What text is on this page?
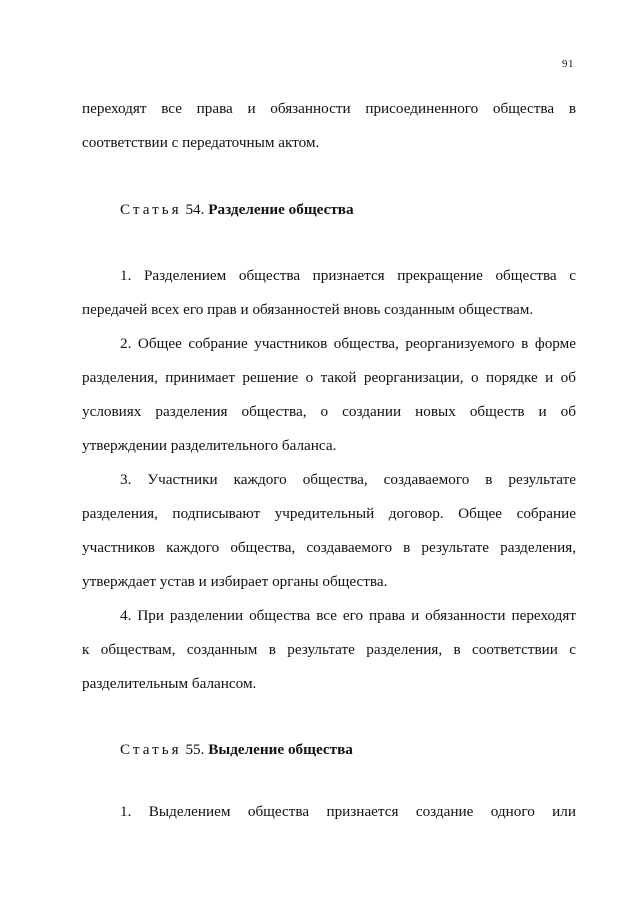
91
переходят все права и обязанности присоединенного общества в
соответствии с передаточным актом.
Статья 54. Разделение общества
1. Разделением общества признается прекращение общества с
передачей всех его прав и обязанностей вновь созданным обществам.
2. Общее собрание участников общества, реорганизуемого в форме
разделения, принимает решение о такой реорганизации, о порядке и об
условиях разделения общества, о создании новых обществ и об
утверждении разделительного баланса.
3. Участники каждого общества, создаваемого в результате
разделения, подписывают учредительный договор. Общее собрание
участников каждого общества, создаваемого в результате разделения,
утверждает устав и избирает органы общества.
4. При разделении общества все его права и обязанности переходят
к обществам, созданным в результате разделения, в соответствии с
разделительным балансом.
Статья 55. Выделение общества
1. Выделением общества признается создание одного или
